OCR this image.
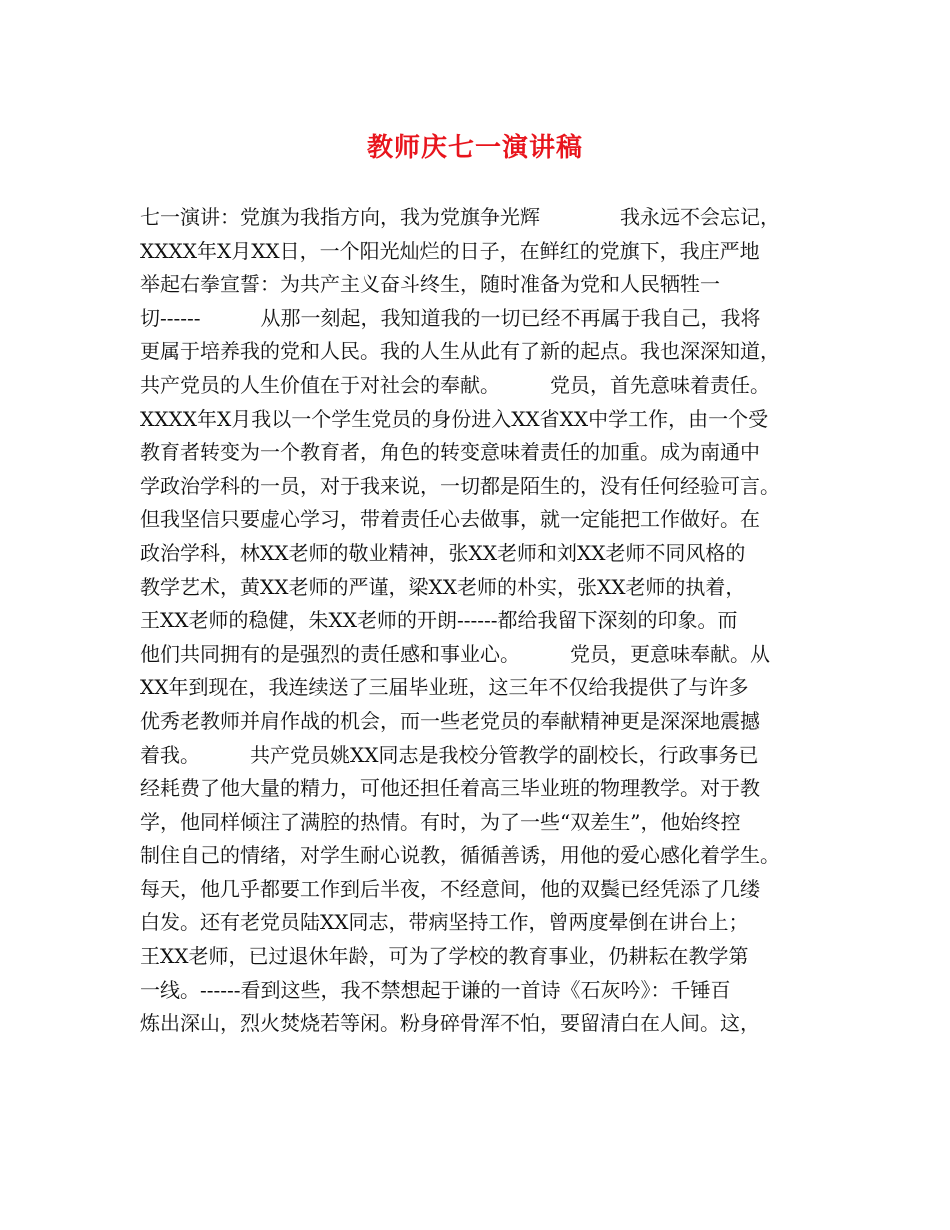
教师庆七一演讲稿
七一演讲：党旗为我指方向，我为党旗争光辉　　　　我永远不会忘记，
XXXX年X月XX日，一个阳光灿烂的日子，在鲜红的党旗下，我庄严地
举起右拳宣誓：为共产主义奋斗终生，随时准备为党和人民牺牲一
切------　　　从那一刻起，我知道我的一切已经不再属于我自己，我将
更属于培养我的党和人民。我的人生从此有了新的起点。我也深深知道，
共产党员的人生价值在于对社会的奉献。　　　党员，首先意味着责任。
XXXX年X月我以一个学生党员的身份进入XX省XX中学工作，由一个受
教育者转变为一个教育者，角色的转变意味着责任的加重。成为南通中
学政治学科的一员，对于我来说，一切都是陌生的，没有任何经验可言。
但我坚信只要虚心学习，带着责任心去做事，就一定能把工作做好。在
政治学科，林XX老师的敬业精神，张XX老师和刘XX老师不同风格的
教学艺术，黄XX老师的严谨，梁XX老师的朴实，张XX老师的执着，
王XX老师的稳健，朱XX老师的开朗------都给我留下深刻的印象。而
他们共同拥有的是强烈的责任感和事业心。　　　党员，更意味奉献。从
XX年到现在，我连续送了三届毕业班，这三年不仅给我提供了与许多
优秀老教师并肩作战的机会，而一些老党员的奉献精神更是深深地震撼
着我。　　　共产党员姚XX同志是我校分管教学的副校长，行政事务已
经耗费了他大量的精力，可他还担任着高三毕业班的物理教学。对于教
学，他同样倾注了满腔的热情。有时，为了一些“双差生”，他始终控
制住自己的情绪，对学生耐心说教，循循善诱，用他的爱心感化着学生。
每天，他几乎都要工作到后半夜，不经意间，他的双鬓已经凭添了几缕
白发。还有老党员陆XX同志，带病坚持工作，曾两度晕倒在讲台上；
王XX老师，已过退休年龄，可为了学校的教育事业，仍耕耘在教学第
一线。------看到这些，我不禁想起于谦的一首诗《石灰吟》：千锤百
炼出深山，烈火焚烧若等闲。粉身碎骨浑不怕，要留清白在人间。这，
